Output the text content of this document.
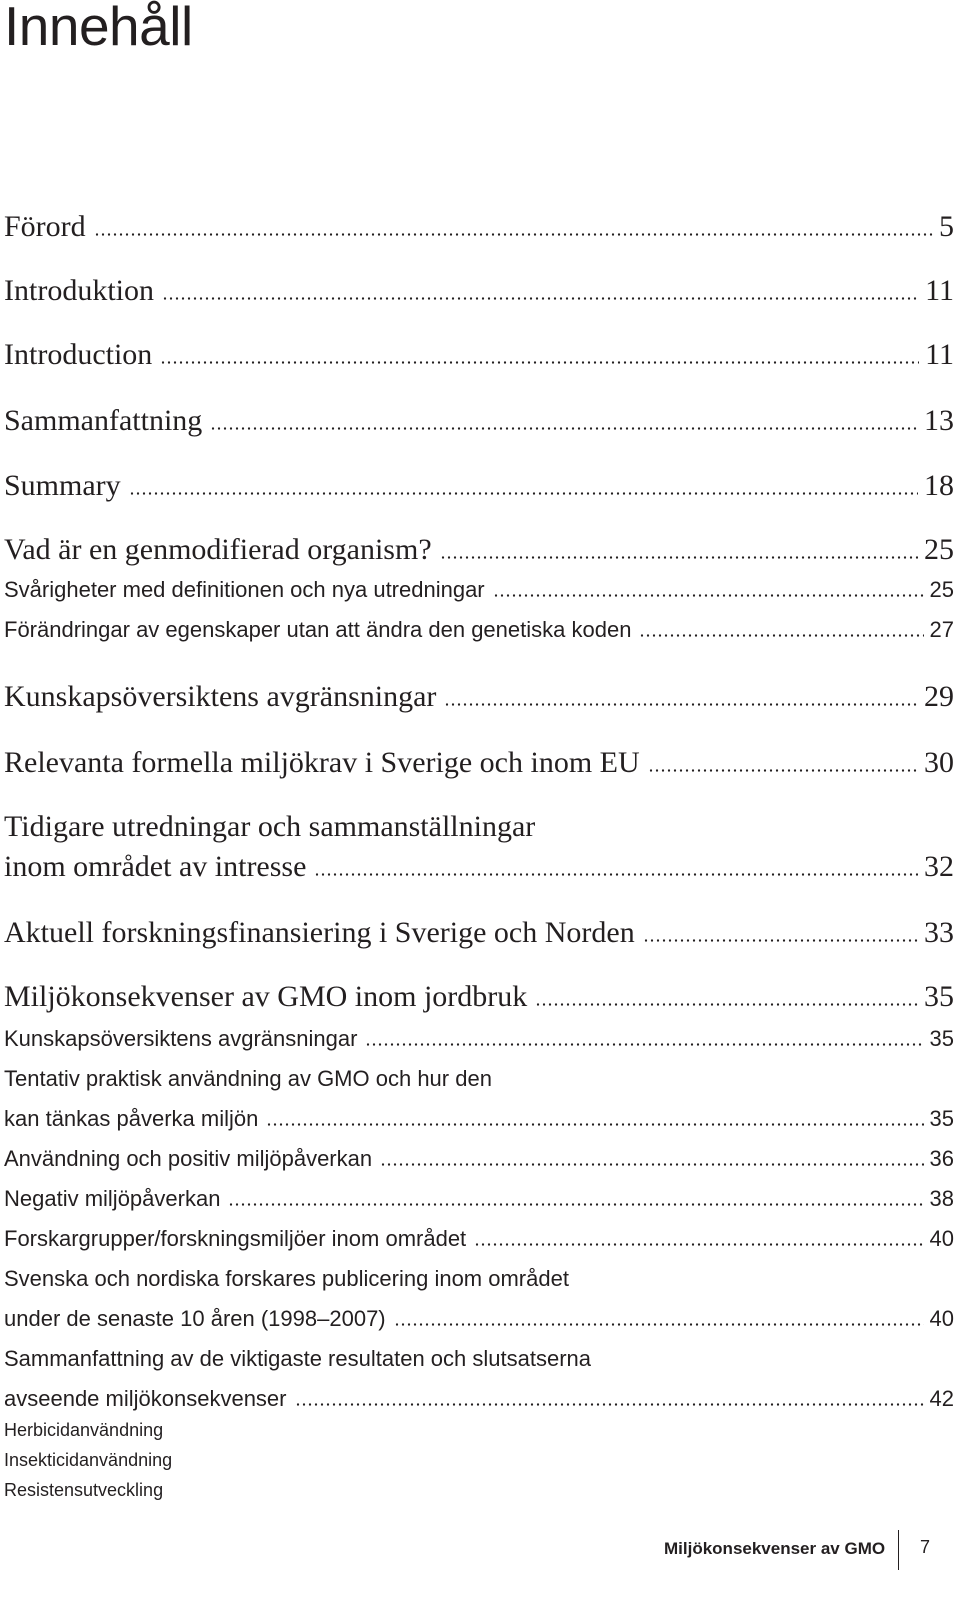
Innehåll
Förord	5
Introduktion	11
Introduction	11
Sammanfattning	13
Summary	18
Vad är en genmodifierad organism?	25
Svårigheter med definitionen och nya utredningar	25
Förändringar av egenskaper utan att ändra den genetiska koden	27
Kunskapsöversiktens avgränsningar	29
Relevanta formella miljökrav i Sverige och inom EU	30
Tidigare utredningar och sammanställningar
inom området av intresse	32
Aktuell forskningsfinansiering i Sverige och Norden	33
Miljökonsekvenser av GMO inom jordbruk	35
Kunskapsöversiktens avgränsningar	35
Tentativ praktisk användning av GMO och hur den
kan tänkas påverka miljön	35
Användning och positiv miljöpåverkan	36
Negativ miljöpåverkan	38
Forskargrupper/forskningsmiljöer inom området	40
Svenska och nordiska forskares publicering inom området
under de senaste 10 åren (1998–2007)	40
Sammanfattning av de viktigaste resultaten och slutsatserna
avseende miljökonsekvenser	42
Herbicidanvändning
Insekticidanvändning
Resistensutveckling
Miljökonsekvenser av GMO 7
